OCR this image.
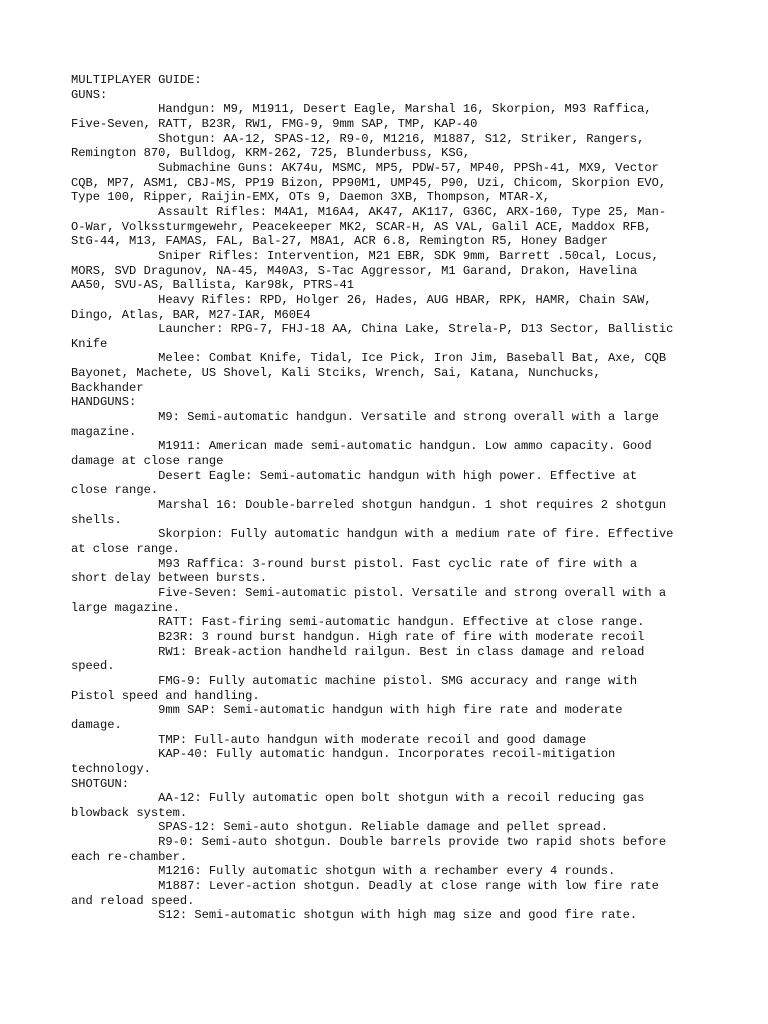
MULTIPLAYER GUIDE:
GUNS:
Handgun: M9, M1911, Desert Eagle, Marshal 16, Skorpion, M93 Raffica,
Five-Seven, RATT, B23R, RW1, FMG-9, 9mm SAP, TMP, KAP-40
Shotgun: AA-12, SPAS-12, R9-0, M1216, M1887, S12, Striker, Rangers,
Remington 870, Bulldog, KRM-262, 725, Blunderbuss, KSG,
Submachine Guns: AK74u, MSMC, MP5, PDW-57, MP40, PPSh-41, MX9, Vector
CQB, MP7, ASM1, CBJ-MS, PP19 Bizon, PP90M1, UMP45, P90, Uzi, Chicom, Skorpion EVO,
Type 100, Ripper, Raijin-EMX, OTs 9, Daemon 3XB, Thompson, MTAR-X,
Assault Rifles: M4A1, M16A4, AK47, AK117, G36C, ARX-160, Type 25, Man-
O-War, Volkssturmgewehr, Peacekeeper MK2, SCAR-H, AS VAL, Galil ACE, Maddox RFB,
StG-44, M13, FAMAS, FAL, Bal-27, M8A1, ACR 6.8, Remington R5, Honey Badger
Sniper Rifles: Intervention, M21 EBR, SDK 9mm, Barrett .50cal, Locus,
MORS, SVD Dragunov, NA-45, M40A3, S-Tac Aggressor, M1 Garand, Drakon, Havelina
AA50, SVU-AS, Ballista, Kar98k, PTRS-41
Heavy Rifles: RPD, Holger 26, Hades, AUG HBAR, RPK, HAMR, Chain SAW,
Dingo, Atlas, BAR, M27-IAR, M60E4
Launcher: RPG-7, FHJ-18 AA, China Lake, Strela-P, D13 Sector, Ballistic
Knife
Melee: Combat Knife, Tidal, Ice Pick, Iron Jim, Baseball Bat, Axe, CQB
Bayonet, Machete, US Shovel, Kali Stciks, Wrench, Sai, Katana, Nunchucks,
Backhander
HANDGUNS:
M9: Semi-automatic handgun. Versatile and strong overall with a large
magazine.
M1911: American made semi-automatic handgun. Low ammo capacity. Good
damage at close range
Desert Eagle: Semi-automatic handgun with high power. Effective at
close range.
Marshal 16: Double-barreled shotgun handgun. 1 shot requires 2 shotgun
shells.
Skorpion: Fully automatic handgun with a medium rate of fire. Effective
at close range.
M93 Raffica: 3-round burst pistol. Fast cyclic rate of fire with a
short delay between bursts.
Five-Seven: Semi-automatic pistol. Versatile and strong overall with a
large magazine.
RATT: Fast-firing semi-automatic handgun. Effective at close range.
B23R: 3 round burst handgun. High rate of fire with moderate recoil
RW1: Break-action handheld railgun. Best in class damage and reload
speed.
FMG-9: Fully automatic machine pistol. SMG accuracy and range with
Pistol speed and handling.
9mm SAP: Semi-automatic handgun with high fire rate and moderate
damage.
TMP: Full-auto handgun with moderate recoil and good damage
KAP-40: Fully automatic handgun. Incorporates recoil-mitigation
technology.
SHOTGUN:
AA-12: Fully automatic open bolt shotgun with a recoil reducing gas
blowback system.
SPAS-12: Semi-auto shotgun. Reliable damage and pellet spread.
R9-0: Semi-auto shotgun. Double barrels provide two rapid shots before
each re-chamber.
M1216: Fully automatic shotgun with a rechamber every 4 rounds.
M1887: Lever-action shotgun. Deadly at close range with low fire rate
and reload speed.
S12: Semi-automatic shotgun with high mag size and good fire rate.
